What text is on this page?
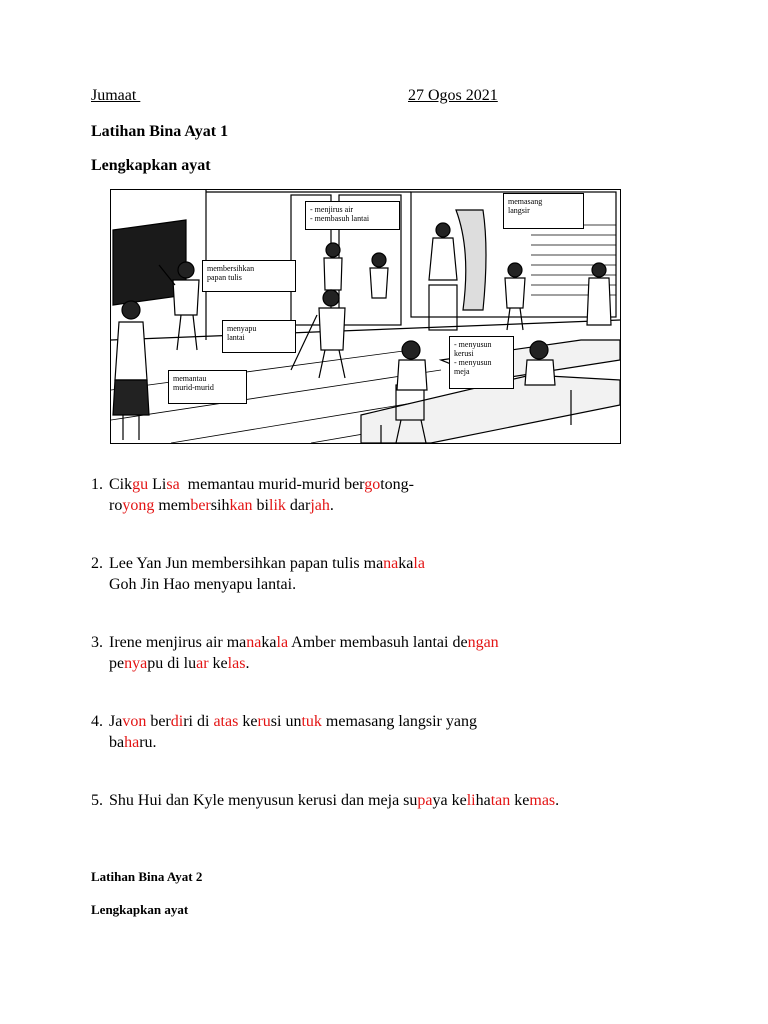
Jumaat	27 Ogos 2021
Latihan Bina Ayat 1
Lengkapkan ayat
membersihkan
papan tulis
menyapu
lantai
memantau
murid-murid
- menjirus air
- membasuh lantai
memasang
langsir
- menyusun
kerusi
- menyusun
meja
1. Cikgu Lisa  memantau murid-murid bergotong-
royong membersihkan bilik darjah.
2. Lee Yan Jun membersihkan papan tulis manakala
Goh Jin Hao menyapu lantai.
3. Irene menjirus air manakala Amber membasuh lantai dengan
penyapu di luar kelas.
4. Javon berdiri di atas kerusi untuk memasang langsir yang
baharu.
5. Shu Hui dan Kyle menyusun kerusi dan meja supaya kelihatan kemas.
Latihan Bina Ayat 2
Lengkapkan ayat
